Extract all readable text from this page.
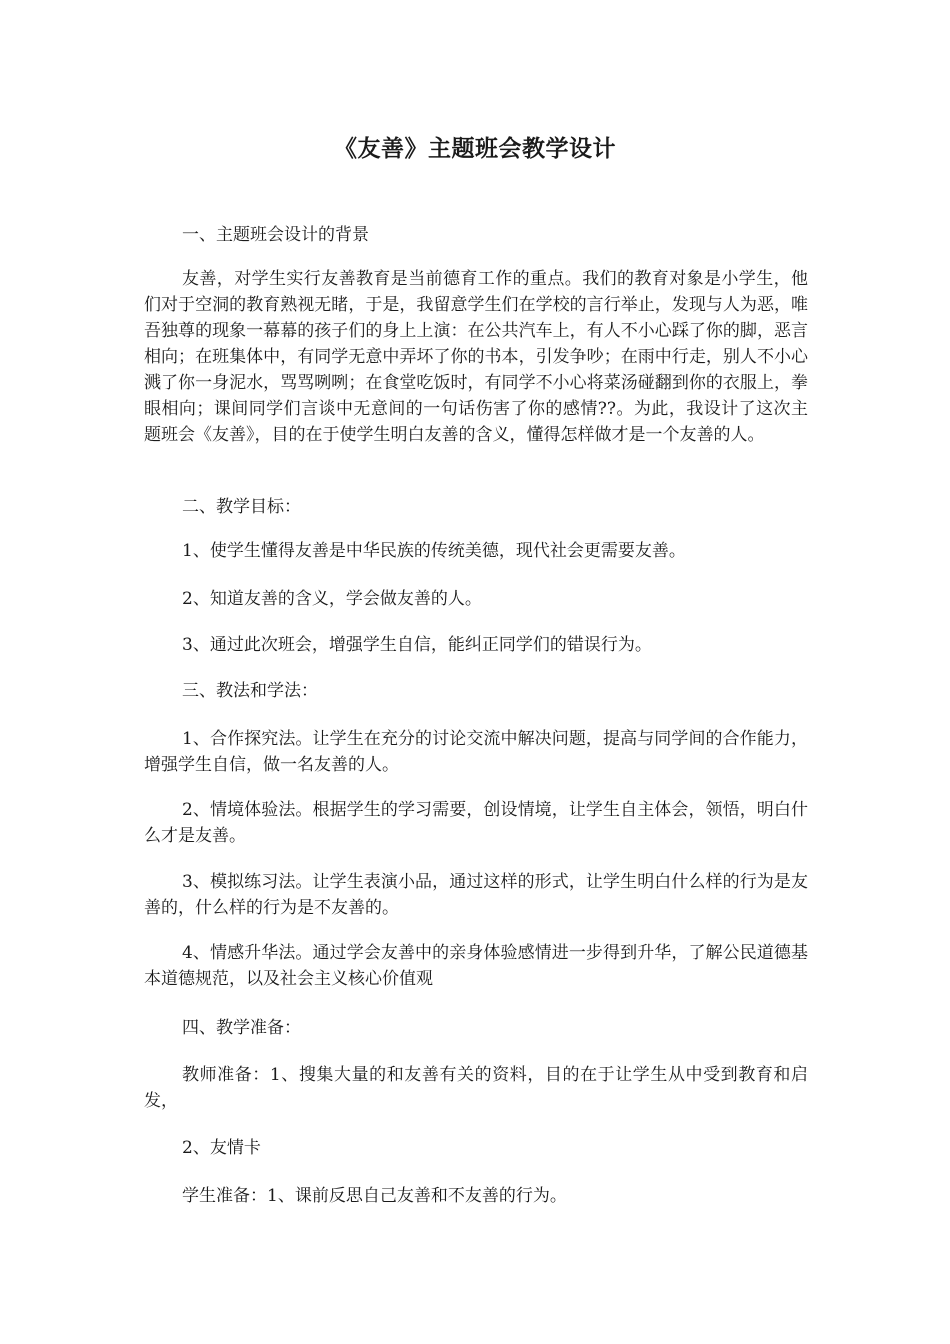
《友善》主题班会教学设计

一、主题班会设计的背景

友善，对学生实行友善教育是当前德育工作的重点。我们的教育对象是小学生，他们对于空洞的教育熟视无睹，于是，我留意学生们在学校的言行举止，发现与人为恶，唯吾独尊的现象一幕幕的孩子们的身上上演：在公共汽车上，有人不小心踩了你的脚，恶言相向；在班集体中，有同学无意中弄坏了你的书本，引发争吵；在雨中行走，别人不小心溅了你一身泥水，骂骂咧咧；在食堂吃饭时，有同学不小心将菜汤碰翻到你的衣服上，拳眼相向；课间同学们言谈中无意间的一句话伤害了你的感情??。为此，我设计了这次主题班会《友善》，目的在于使学生明白友善的含义，懂得怎样做才是一个友善的人。

二、教学目标：

1、使学生懂得友善是中华民族的传统美德，现代社会更需要友善。

2、知道友善的含义，学会做友善的人。

3、通过此次班会，增强学生自信，能纠正同学们的错误行为。

三、教法和学法：

1、合作探究法。让学生在充分的讨论交流中解决问题，提高与同学间的合作能力，增强学生自信，做一名友善的人。

2、情境体验法。根据学生的学习需要，创设情境，让学生自主体会，领悟，明白什么才是友善。

3、模拟练习法。让学生表演小品，通过这样的形式，让学生明白什么样的行为是友善的，什么样的行为是不友善的。

4、情感升华法。通过学会友善中的亲身体验感情进一步得到升华，了解公民道德基本道德规范，以及社会主义核心价值观

四、教学准备：

教师准备：1、搜集大量的和友善有关的资料，目的在于让学生从中受到教育和启发，

2、友情卡

学生准备：1、课前反思自己友善和不友善的行为。
